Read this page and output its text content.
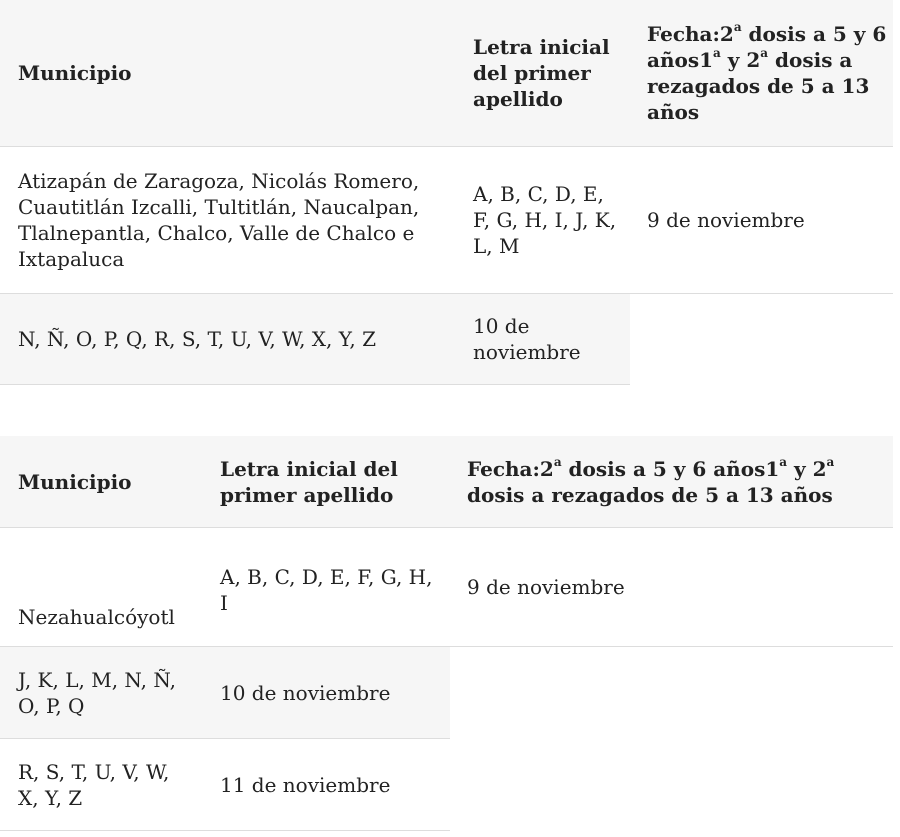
Municipio
Letra inicial del primer apellido
Fecha:2$^a$ dosis a 5 y 6 años1$^a$ y 2$^a$ dosis a rezagados de 5 a 13 años
Atizapán de Zaragoza, Nicolás Romero, Cuautitlán Izcalli, Tultitlán, Naucalpan, Tlalnepantla, Chalco, Valle de Chalco e Ixtapaluca
A, B, C, D, E, F, G, H, I, J, K, L, M
9 de noviembre
N, Ñ, O, P, Q, R, S, T, U, V, W, X, Y, Z
10 de noviembre
Municipio
Letra inicial del primer apellido
Fecha:2$^a$ dosis a 5 y 6 años1$^a$ y 2$^a$ dosis a rezagados de 5 a 13 años
Nezahualcóyotl
A, B, C, D, E, F, G, H, I
9 de noviembre
J, K, L, M, N, Ñ, O, P, Q
10 de noviembre
R, S, T, U, V, W, X, Y, Z
11 de noviembre
